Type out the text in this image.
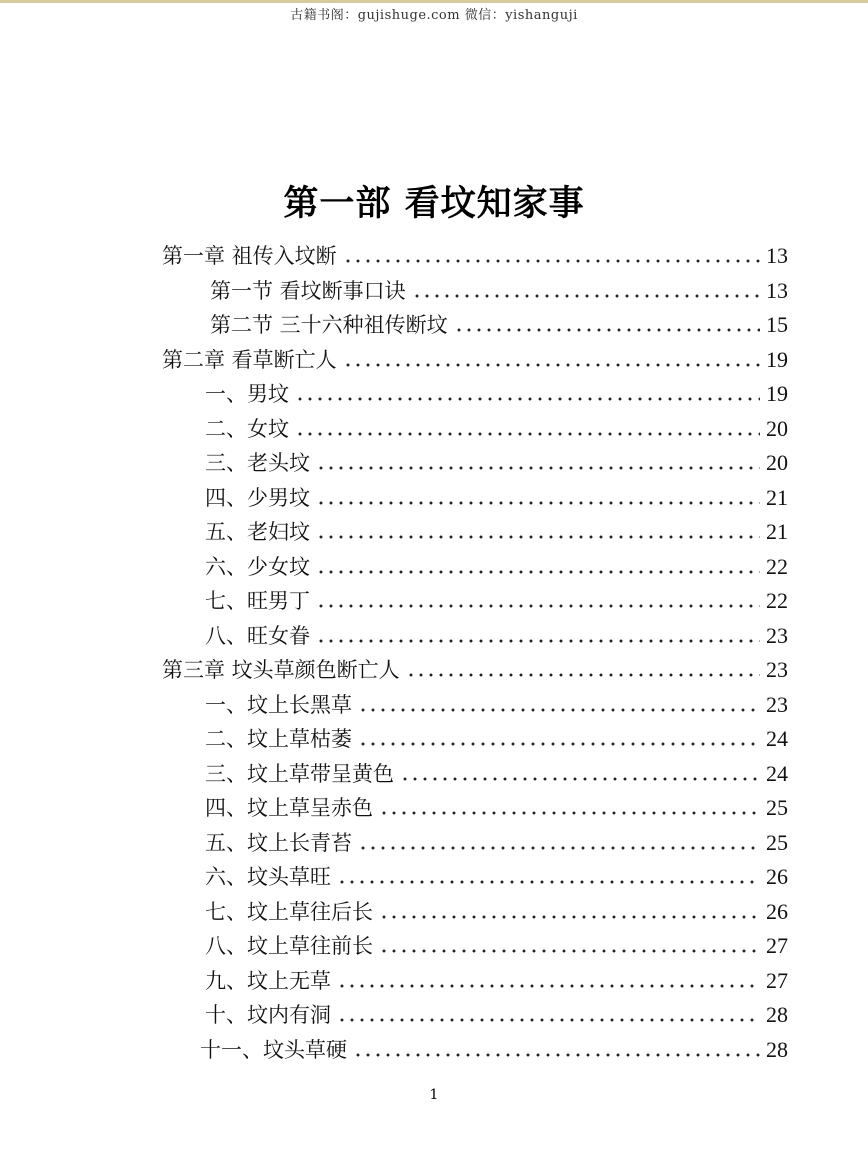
古籍书阁：gujishuge.com 微信：yishanguji
第一部 看坟知家事
第一章 祖传入坟断	13
第一节 看坟断事口诀	13
第二节 三十六种祖传断坟	15
第二章 看草断亡人	19
一、男坟	19
二、女坟	20
三、老头坟	20
四、少男坟	21
五、老妇坟	21
六、少女坟	22
七、旺男丁	22
八、旺女眷	23
第三章 坟头草颜色断亡人	23
一、坟上长黑草	23
二、坟上草枯萎	24
三、坟上草带呈黄色	24
四、坟上草呈赤色	25
五、坟上长青苔	25
六、坟头草旺	26
七、坟上草往后长	26
八、坟上草往前长	27
九、坟上无草	27
十、坟内有洞	28
十一、坟头草硬	28
1
